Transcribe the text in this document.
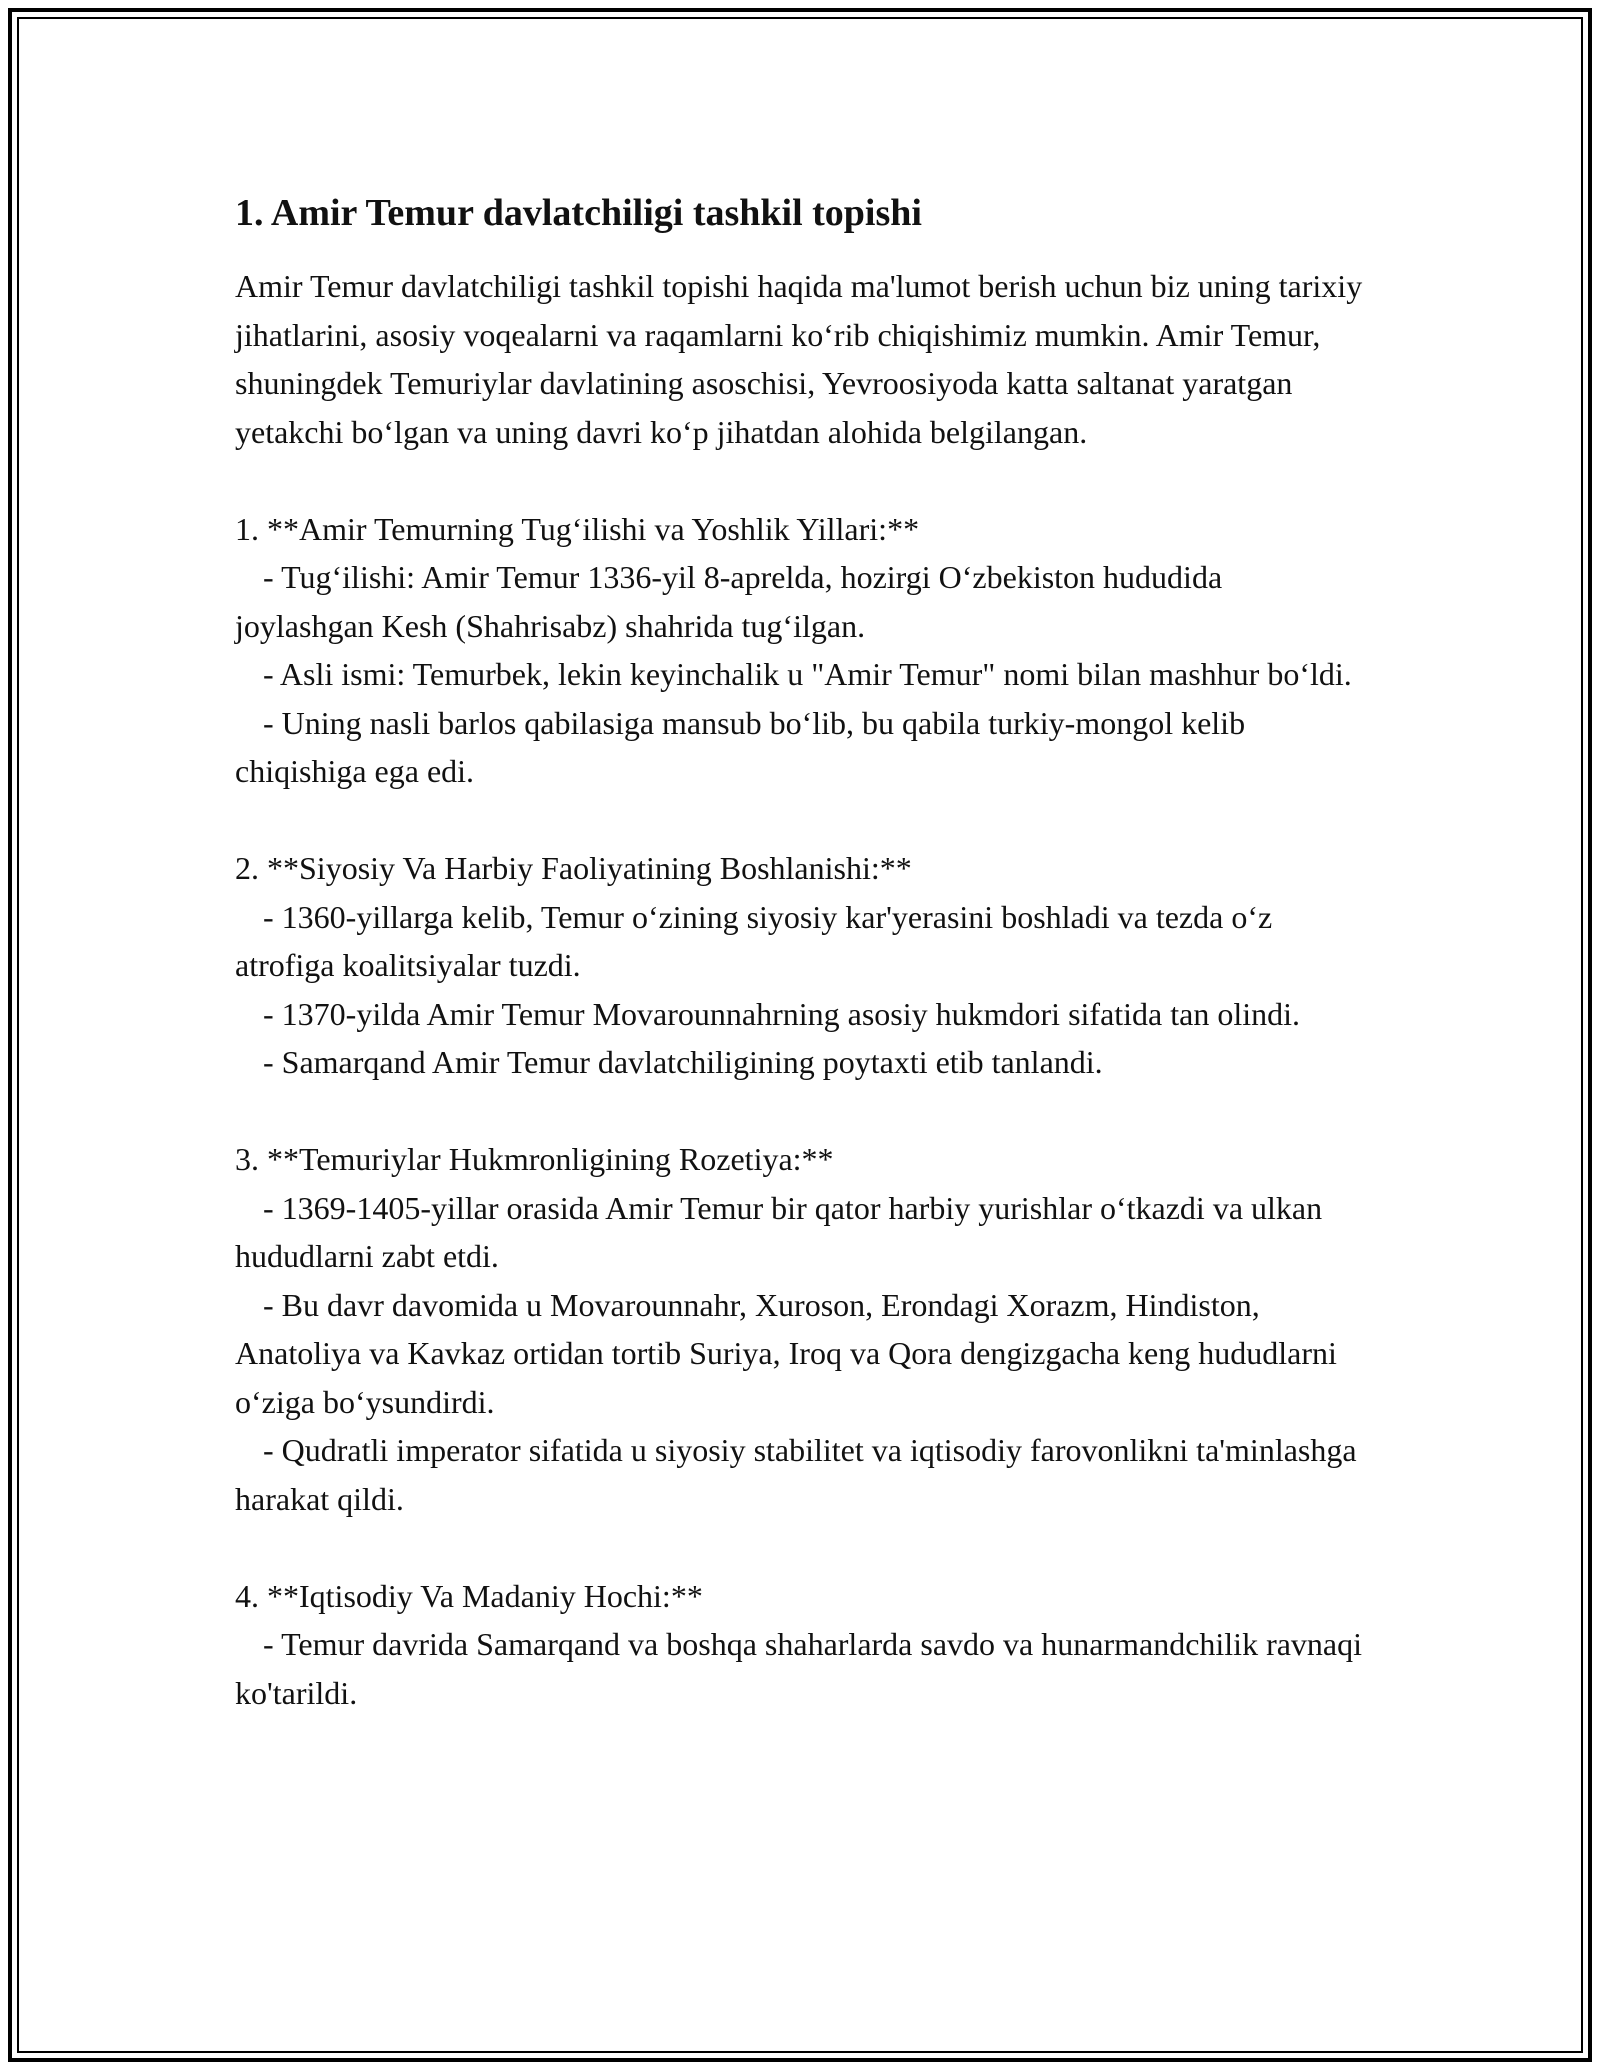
1. Amir Temur davlatchiligi tashkil topishi

Amir Temur davlatchiligi tashkil topishi haqida ma'lumot berish uchun biz uning tarixiy jihatlarini, asosiy voqealarni va raqamlarni ko‘rib chiqishimiz mumkin. Amir Temur, shuningdek Temuriylar davlatining asoschisi, Yevroosiyoda katta saltanat yaratgan yetakchi bo‘lgan va uning davri ko‘p jihatdan alohida belgilangan.

1. **Amir Temurning Tug‘ilishi va Yoshlik Yillari:**

- Tug‘ilishi: Amir Temur 1336-yil 8-aprelda, hozirgi O‘zbekiston hududida joylashgan Kesh (Shahrisabz) shahrida tug‘ilgan.

- Asli ismi: Temurbek, lekin keyinchalik u "Amir Temur" nomi bilan mashhur bo‘ldi.

- Uning nasli barlos qabilasiga mansub bo‘lib, bu qabila turkiy-mongol kelib chiqishiga ega edi.

2. **Siyosiy Va Harbiy Faoliyatining Boshlanishi:**

- 1360-yillarga kelib, Temur o‘zining siyosiy kar'yerasini boshladi va tezda o‘z atrofiga koalitsiyalar tuzdi.

- 1370-yilda Amir Temur Movarounnahrning asosiy hukmdori sifatida tan olindi.

- Samarqand Amir Temur davlatchiligining poytaxti etib tanlandi.

3. **Temuriylar Hukmronligining Rozetiya:**

- 1369-1405-yillar orasida Amir Temur bir qator harbiy yurishlar o‘tkazdi va ulkan hududlarni zabt etdi.

- Bu davr davomida u Movarounnahr, Xuroson, Erondagi Xorazm, Hindiston, Anatoliya va Kavkaz ortidan tortib Suriya, Iroq va Qora dengizgacha keng hududlarni o‘ziga bo‘ysundirdi.

- Qudratli imperator sifatida u siyosiy stabilitet va iqtisodiy farovonlikni ta'minlashga harakat qildi.

4. **Iqtisodiy Va Madaniy Hochi:**

- Temur davrida Samarqand va boshqa shaharlarda savdo va hunarmandchilik ravnaqi ko'tarildi.
